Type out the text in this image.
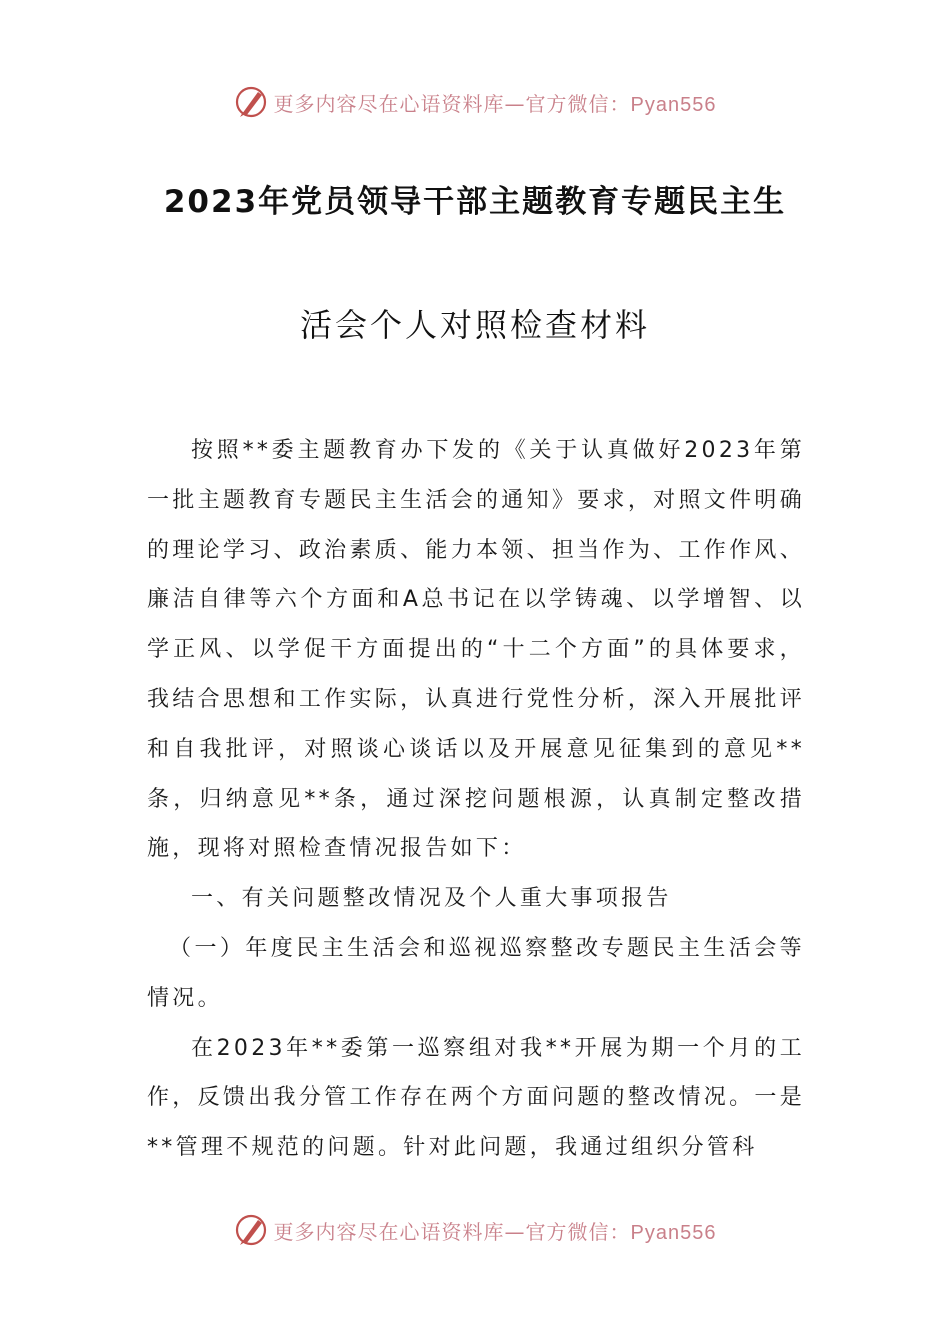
更多内容尽在心语资料库—官方微信：Pyan556
2023年党员领导干部主题教育专题民主生
活会个人对照检查材料

按照**委主题教育办下发的《关于认真做好2023年第一批主题教育专题民主生活会的通知》要求，对照文件明确的理论学习、政治素质、能力本领、担当作为、工作作风、廉洁自律等六个方面和A总书记在以学铸魂、以学增智、以学正风、以学促干方面提出的“十二个方面”的具体要求，我结合思想和工作实际，认真进行党性分析，深入开展批评和自我批评，对照谈心谈话以及开展意见征集到的意见**条，归纳意见**条，通过深挖问题根源，认真制定整改措施，现将对照检查情况报告如下：

一、有关问题整改情况及个人重大事项报告

（一）年度民主生活会和巡视巡察整改专题民主生活会等情况。

在2023年**委第一巡察组对我**开展为期一个月的工作，反馈出我分管工作存在两个方面问题的整改情况。一是**管理不规范的问题。针对此问题，我通过组织分管科

更多内容尽在心语资料库—官方微信：Pyan556
